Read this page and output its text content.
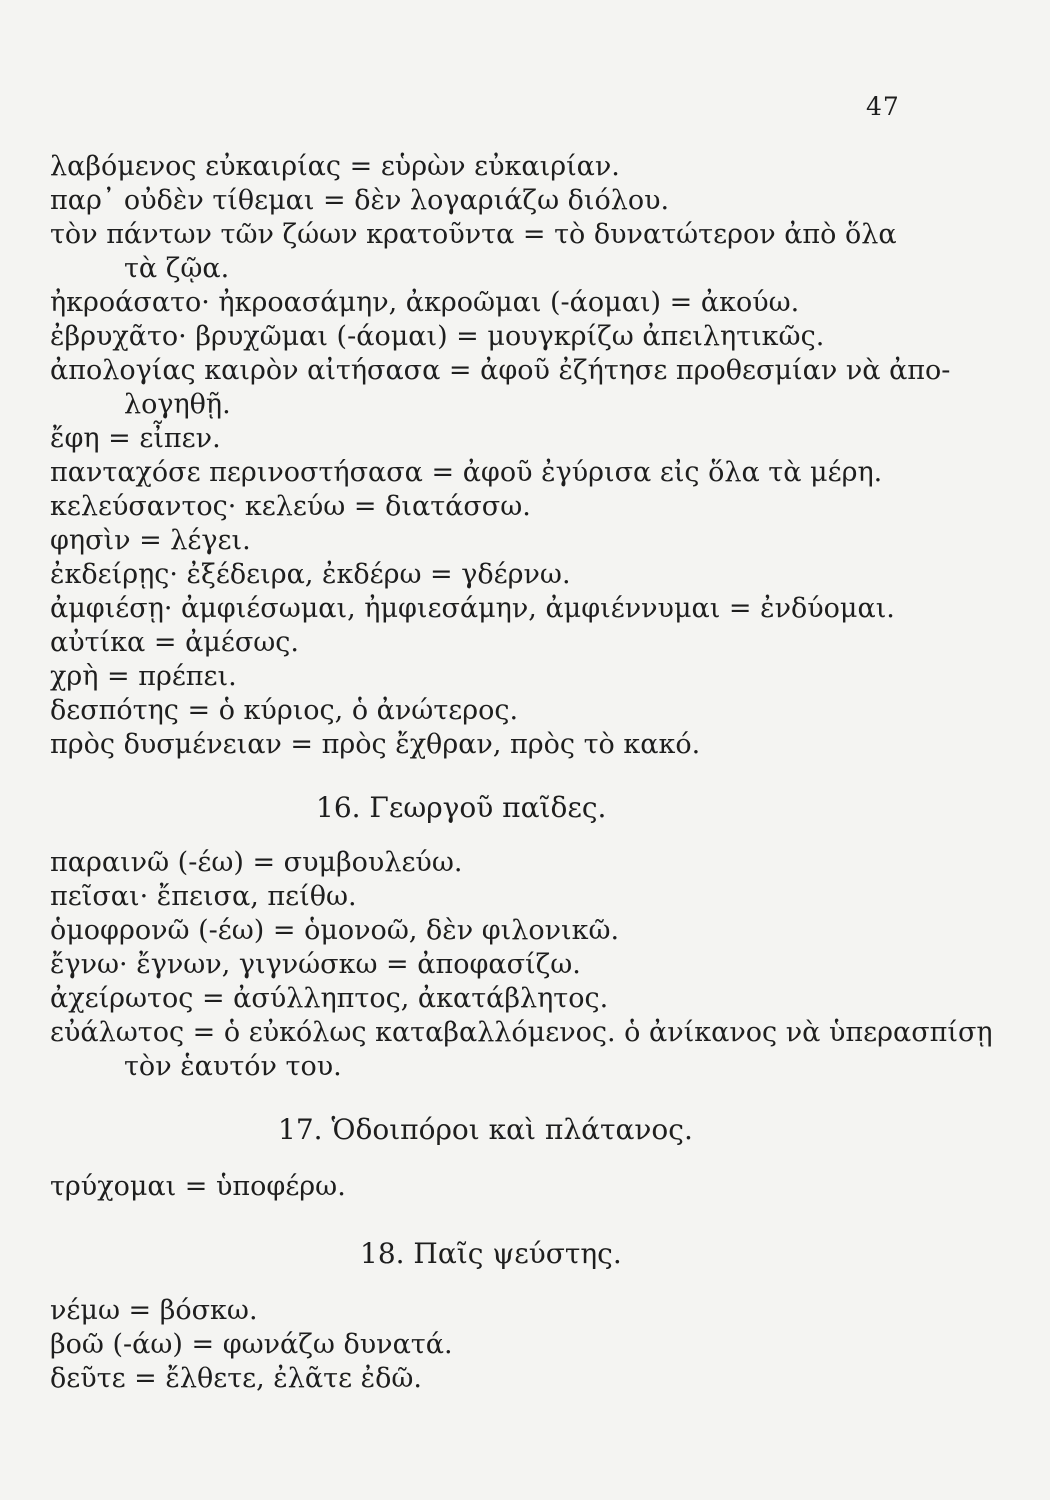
47
λαβόμενος εὐκαιρίας = εὑρὼν εὐκαιρίαν.
παρ᾽ οὐδὲν τίθεμαι = δὲν λογαριάζω διόλου.
τὸν πάντων τῶν ζώων κρατοῦντα = τὸ δυνατώτερον ἀπὸ ὅλα
τὰ ζῷα.
ἠκροάσατο· ἠκροασάμην, ἀκροῶμαι (-άομαι) = ἀκούω.
ἐβρυχᾶτο· βρυχῶμαι (-άομαι) = μουγκρίζω ἀπειλητικῶς.
ἀπολογίας καιρὸν αἰτήσασα = ἀφοῦ ἐζήτησε προθεσμίαν νὰ ἀπο-
λογηθῇ.
ἔφη = εἶπεν.
πανταχόσε περινοστήσασα = ἀφοῦ ἐγύρισα εἰς ὅλα τὰ μέρη.
κελεύσαντος· κελεύω = διατάσσω.
φησὶν = λέγει.
ἐκδείρῃς· ἐξέδειρα, ἐκδέρω = γδέρνω.
ἀμφιέσῃ· ἀμφιέσωμαι, ἠμφιεσάμην, ἀμφιέννυμαι = ἐνδύομαι.
αὐτίκα = ἀμέσως.
χρὴ = πρέπει.
δεσπότης = ὁ κύριος, ὁ ἀνώτερος.
πρὸς δυσμένειαν = πρὸς ἔχθραν, πρὸς τὸ κακό.
16. Γεωργοῦ παῖδες.
παραινῶ (-έω) = συμβουλεύω.
πεῖσαι· ἔπεισα, πείθω.
ὁμοφρονῶ (-έω) = ὁμονοῶ, δὲν φιλονικῶ.
ἔγνω· ἔγνων, γιγνώσκω = ἀποφασίζω.
ἀχείρωτος = ἀσύλληπτος, ἀκατάβλητος.
εὐάλωτος = ὁ εὐκόλως καταβαλλόμενος. ὁ ἀνίκανος νὰ ὑπερασπίσῃ
τὸν ἑαυτόν του.
17. Ὁδοιπόροι καὶ πλάτανος.
τρύχομαι = ὑποφέρω.
18. Παῖς ψεύστης.
νέμω = βόσκω.
βοῶ (-άω) = φωνάζω δυνατά.
δεῦτε = ἔλθετε, ἐλᾶτε ἐδῶ.
